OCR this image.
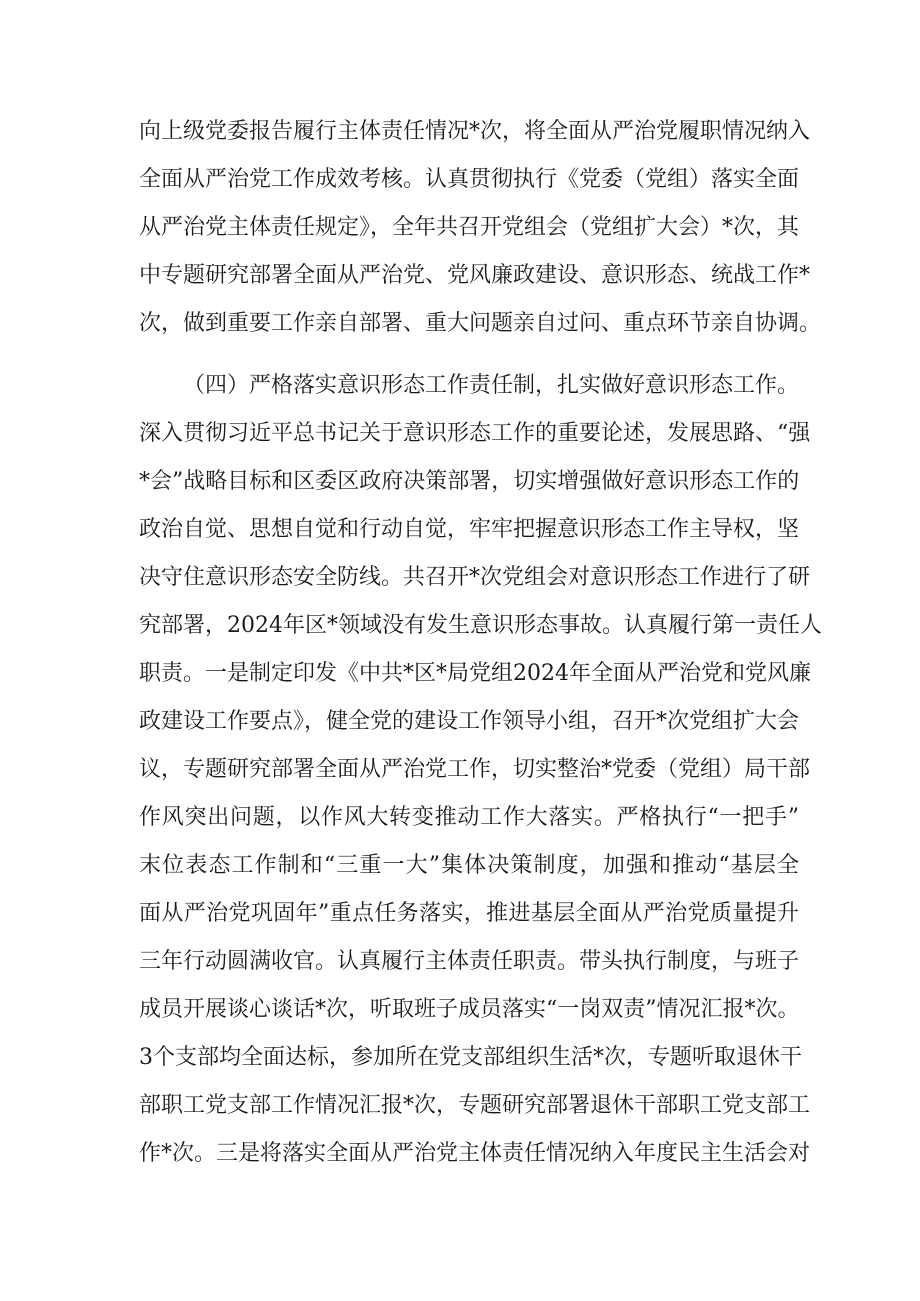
向上级党委报告履行主体责任情况*次，将全面从严治党履职情况纳入
全面从严治党工作成效考核。认真贯彻执行《党委（党组）落实全面
从严治党主体责任规定》，全年共召开党组会（党组扩大会）*次，其
中专题研究部署全面从严治党、党风廉政建设、意识形态、统战工作*
次，做到重要工作亲自部署、重大问题亲自过问、重点环节亲自协调。
（四）严格落实意识形态工作责任制，扎实做好意识形态工作。
深入贯彻习近平总书记关于意识形态工作的重要论述，发展思路、“强
*会”战略目标和区委区政府决策部署，切实增强做好意识形态工作的
政治自觉、思想自觉和行动自觉，牢牢把握意识形态工作主导权，坚
决守住意识形态安全防线。共召开*次党组会对意识形态工作进行了研
究部署，2024年区*领域没有发生意识形态事故。认真履行第一责任人
职责。一是制定印发《中共*区*局党组2024年全面从严治党和党风廉
政建设工作要点》，健全党的建设工作领导小组，召开*次党组扩大会
议，专题研究部署全面从严治党工作，切实整治*党委（党组）局干部
作风突出问题，以作风大转变推动工作大落实。严格执行“一把手”
末位表态工作制和“三重一大”集体决策制度，加强和推动“基层全
面从严治党巩固年”重点任务落实，推进基层全面从严治党质量提升
三年行动圆满收官。认真履行主体责任职责。带头执行制度，与班子
成员开展谈心谈话*次，听取班子成员落实“一岗双责”情况汇报*次。
3个支部均全面达标，参加所在党支部组织生活*次，专题听取退休干
部职工党支部工作情况汇报*次，专题研究部署退休干部职工党支部工
作*次。三是将落实全面从严治党主体责任情况纳入年度民主生活会对
